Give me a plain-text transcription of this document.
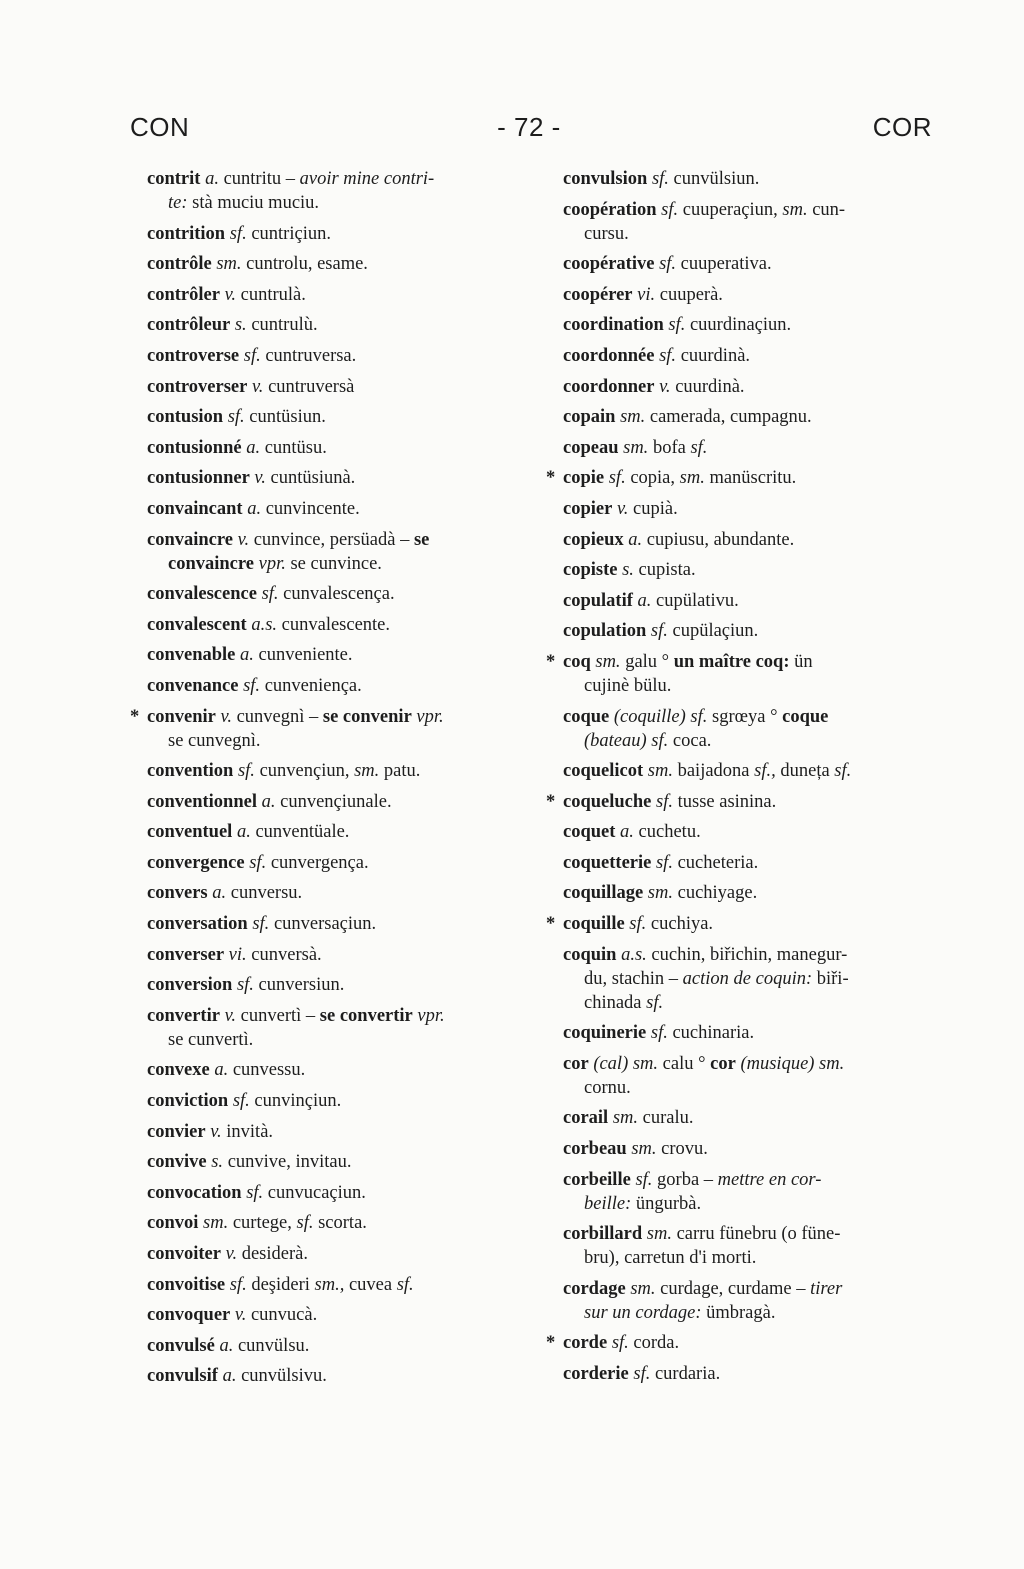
CON	- 72 -	COR
contrit a. cuntritu – avoir mine contri-
te: stà muciu muciu.
contrition sf. cuntriçiun.
contrôle sm. cuntrolu, esame.
contrôler v. cuntrulà.
contrôleur s. cuntrulù.
controverse sf. cuntruversa.
controverser v. cuntruversà
contusion sf. cuntüsiun.
contusionné a. cuntüsu.
contusionner v. cuntüsiunà.
convaincant a. cunvincente.
convaincre v. cunvince, persüadà – se
convaincre vpr. se cunvince.
convalescence sf. cunvalescença.
convalescent a.s. cunvalescente.
convenable a. cunveniente.
convenance sf. cunveniença.
* convenir v. cunvegnì – se convenir vpr.
se cunvegnì.
convention sf. cunvençiun, sm. patu.
conventionnel a. cunvençiunale.
conventuel a. cunventüale.
convergence sf. cunvergença.
convers a. cunversu.
conversation sf. cunversaçiun.
converser vi. cunversà.
conversion sf. cunversiun.
convertir v. cunvertì – se convertir vpr.
se cunvertì.
convexe a. cunvessu.
conviction sf. cunvinçiun.
convier v. invità.
convive s. cunvive, invitau.
convocation sf. cunvucaçiun.
convoi sm. curtege, sf. scorta.
convoiter v. desiderà.
convoitise sf. deşideri sm., cuvea sf.
convoquer v. cunvucà.
convulsé a. cunvülsu.
convulsif a. cunvülsivu.
convulsion sf. cunvülsiun.
coopération sf. cuuperaçiun, sm. cun-
cursu.
coopérative sf. cuuperativa.
coopérer vi. cuuperà.
coordination sf. cuurdinaçiun.
coordonnée sf. cuurdinà.
coordonner v. cuurdinà.
copain sm. camerada, cumpagnu.
copeau sm. bofa sf.
* copie sf. copia, sm. manüscritu.
copier v. cupià.
copieux a. cupiusu, abundante.
copiste s. cupista.
copulatif a. cupülativu.
copulation sf. cupülaçiun.
* coq sm. galu ° un maître coq: ün
cujinè bülu.
coque (coquille) sf. sgrœya ° coque
(bateau) sf. coca.
coquelicot sm. baijadona sf., duneța sf.
* coqueluche sf. tusse asinina.
coquet a. cuchetu.
coquetterie sf. cucheteria.
coquillage sm. cuchiyage.
* coquille sf. cuchiya.
coquin a.s. cuchin, biřichin, manegur-
du, stachin – action de coquin: biři-
chinada sf.
coquinerie sf. cuchinaria.
cor (cal) sm. calu ° cor (musique) sm.
cornu.
corail sm. curalu.
corbeau sm. crovu.
corbeille sf. gorba – mettre en cor-
beille: üngurbà.
corbillard sm. carru fünebru (o füne-
bru), carretun d'i morti.
cordage sm. curdage, curdame – tirer
sur un cordage: ümbragà.
* corde sf. corda.
corderie sf. curdaria.
